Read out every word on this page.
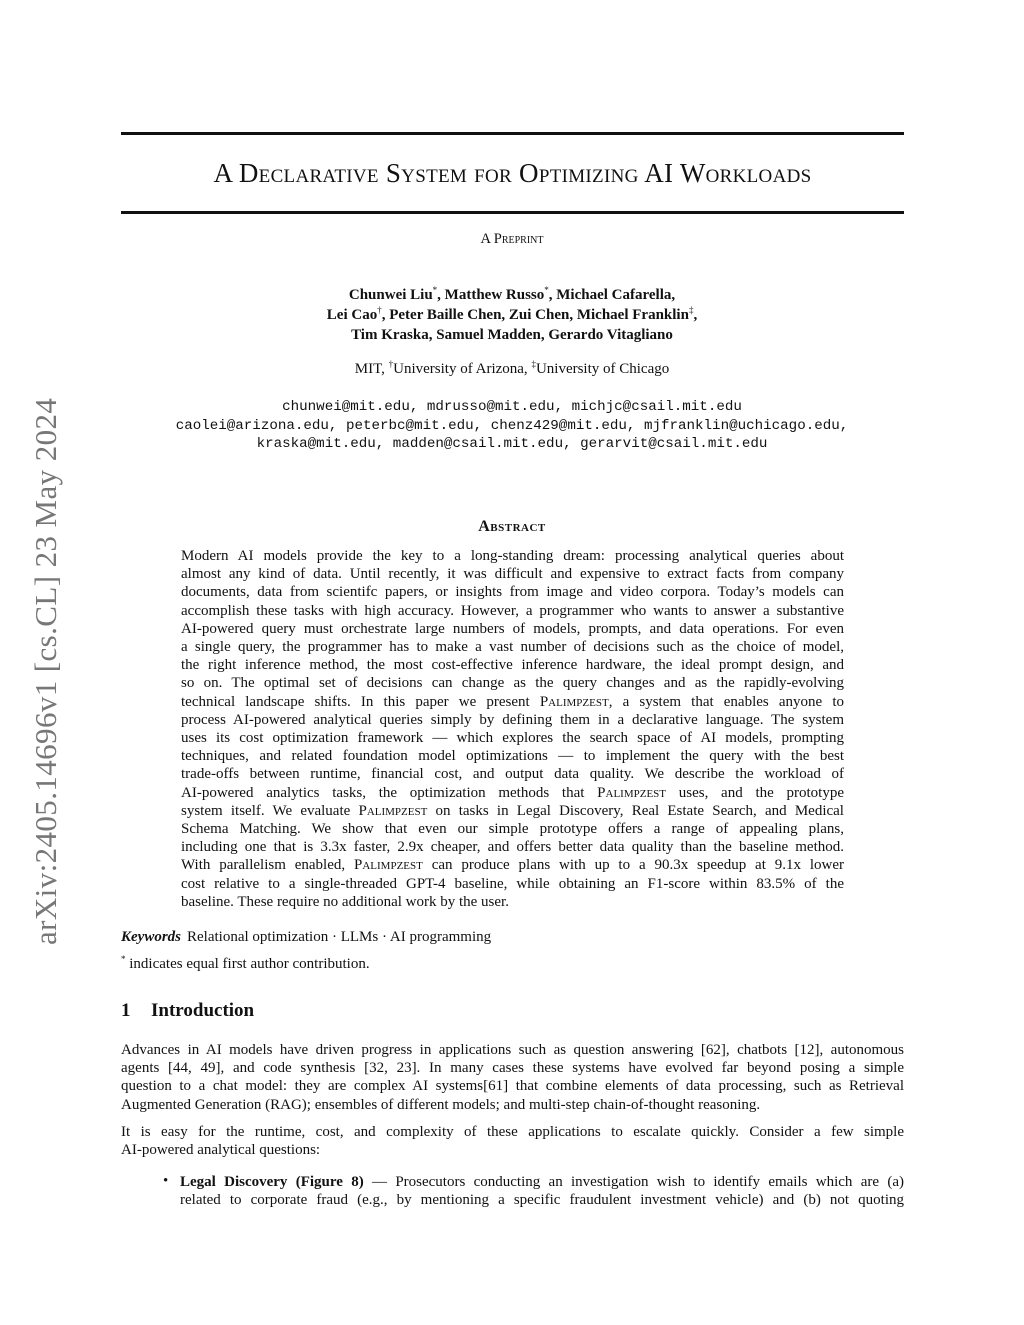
arXiv:2405.14696v1 [cs.CL] 23 May 2024
A Declarative System for Optimizing AI Workloads
A Preprint
Chunwei Liu*, Matthew Russo*, Michael Cafarella,
Lei Cao†, Peter Baille Chen, Zui Chen, Michael Franklin‡,
Tim Kraska, Samuel Madden, Gerardo Vitagliano
MIT, †University of Arizona, ‡University of Chicago
chunwei@mit.edu, mdrusso@mit.edu, michjc@csail.mit.edu
caolei@arizona.edu, peterbc@mit.edu, chenz429@mit.edu, mjfranklin@uchicago.edu,
kraska@mit.edu, madden@csail.mit.edu, gerarvit@csail.mit.edu
Abstract
Modern AI models provide the key to a long-standing dream: processing analytical queries about
almost any kind of data. Until recently, it was difficult and expensive to extract facts from company
documents, data from scientifc papers, or insights from image and video corpora. Today’s models can
accomplish these tasks with high accuracy. However, a programmer who wants to answer a substantive
AI-powered query must orchestrate large numbers of models, prompts, and data operations. For even
a single query, the programmer has to make a vast number of decisions such as the choice of model,
the right inference method, the most cost-effective inference hardware, the ideal prompt design, and
so on. The optimal set of decisions can change as the query changes and as the rapidly-evolving
technical landscape shifts. In this paper we present Palimpzest, a system that enables anyone to
process AI-powered analytical queries simply by defining them in a declarative language. The system
uses its cost optimization framework — which explores the search space of AI models, prompting
techniques, and related foundation model optimizations — to implement the query with the best
trade-offs between runtime, financial cost, and output data quality. We describe the workload of
AI-powered analytics tasks, the optimization methods that Palimpzest uses, and the prototype
system itself. We evaluate Palimpzest on tasks in Legal Discovery, Real Estate Search, and Medical
Schema Matching. We show that even our simple prototype offers a range of appealing plans,
including one that is 3.3x faster, 2.9x cheaper, and offers better data quality than the baseline method.
With parallelism enabled, Palimpzest can produce plans with up to a 90.3x speedup at 9.1x lower
cost relative to a single-threaded GPT-4 baseline, while obtaining an F1-score within 83.5% of the
baseline. These require no additional work by the user.
Keywords Relational optimization · LLMs · AI programming
* indicates equal first author contribution.
1 Introduction
Advances in AI models have driven progress in applications such as question answering [62], chatbots [12], autonomous
agents [44, 49], and code synthesis [32, 23]. In many cases these systems have evolved far beyond posing a simple
question to a chat model: they are complex AI systems[61] that combine elements of data processing, such as Retrieval
Augmented Generation (RAG); ensembles of different models; and multi-step chain-of-thought reasoning.
It is easy for the runtime, cost, and complexity of these applications to escalate quickly. Consider a few simple
AI-powered analytical questions:
• Legal Discovery (Figure 8) — Prosecutors conducting an investigation wish to identify emails which are (a)
related to corporate fraud (e.g., by mentioning a specific fraudulent investment vehicle) and (b) not quoting
